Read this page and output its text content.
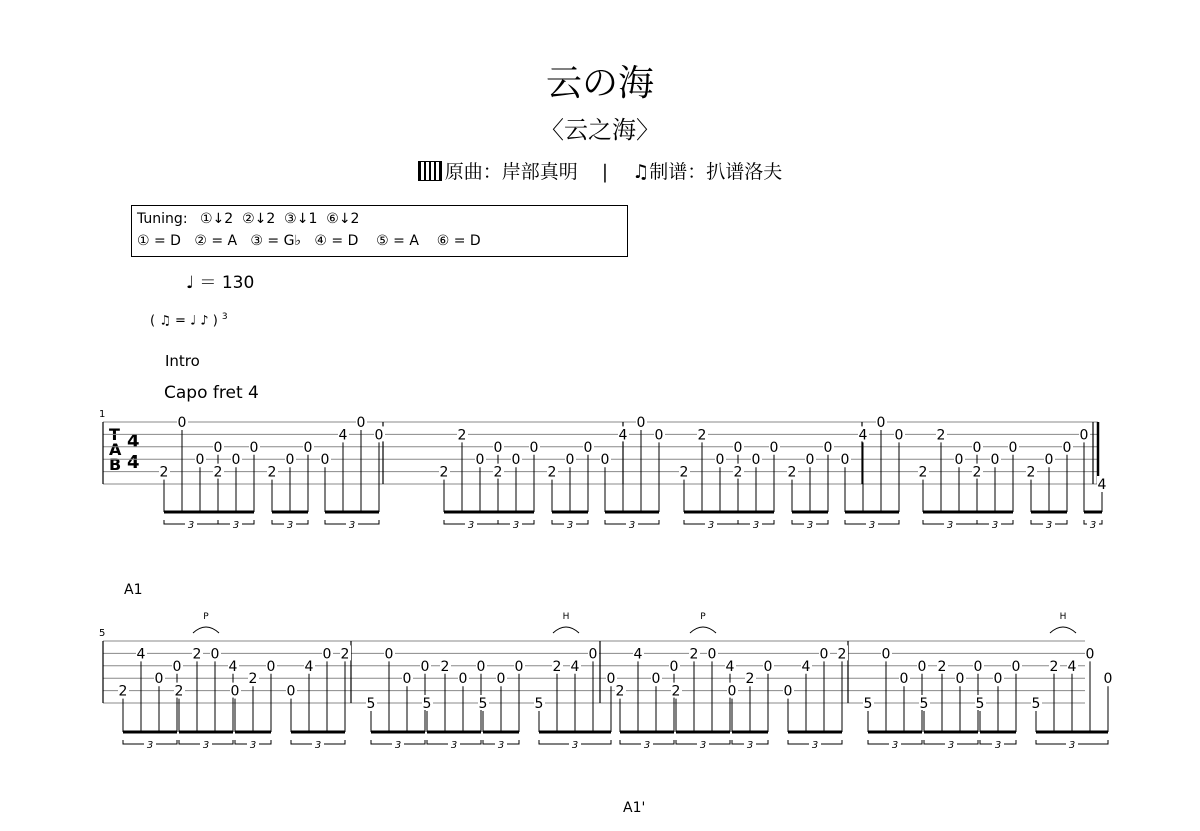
云の海
〈云之海〉
原曲：岸部真明 | ♫制谱：扒谱洛夫
Tuning: ①↓2  ②↓2  ③↓1  ⑥↓2
① = D   ② = A   ③ = G♭   ④ = D    ⑤ = A    ⑥ = D
♩ ＝ 130
( ♫ = ♩ ♪ ) $^3$
Intro
Capo fret 4
A1
A1'
T
A
B
4
4
1
2
0
0
0
3
2
0
0
3
2
0
0
3
0
4
0
0
3
2
2
0
0
3
2
0
0
3
2
0
0
3
0
4
0
0
3
2
2
0
0
3
2
0
0
3
2
0
0
3
0
4
0
0
3
2
2
0
0
3
2
0
0
3
2
0
0
3
0
4
3
5
2
4
0
0
3
2
2
P
0
4
3
0
2
0
3
0
4
0 2
3
5
0
0
0
3
5
2
0
0
3
5
0
0
3
5
2
H
4
0
0
3
2
4
0
0
3
2
2
P
0
4
3
0
2
0
3
0
4
0 2
3
5
0
0
0
3
5
2
0
0
3
5
0
0
3
5
2
H
4
0
0
3
